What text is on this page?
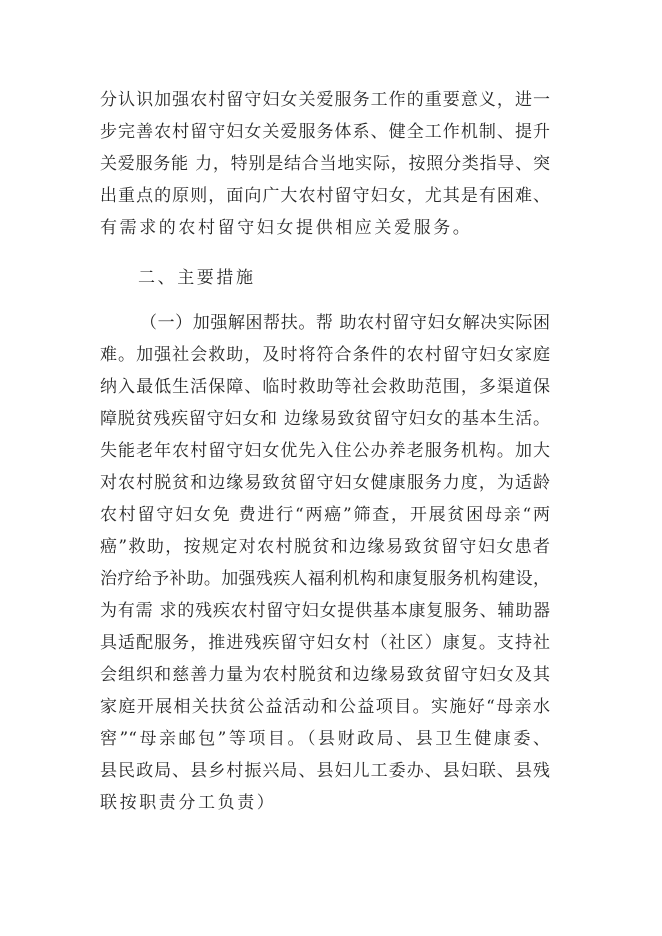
分认识加强农村留守妇女关爱服务工作的重要意义，进一
步完善农村留守妇女关爱服务体系、健全工作机制、提升
关爱服务能 力，特别是结合当地实际，按照分类指导、突
出重点的原则，面向广大农村留守妇女，尤其是有困难、
有需求的农村留守妇女提供相应关爱服务。
二、主要措施
（一）加强解困帮扶。帮 助农村留守妇女解决实际困
难。加强社会救助，及时将符合条件的农村留守妇女家庭
纳入最低生活保障、临时救助等社会救助范围，多渠道保
障脱贫残疾留守妇女和 边缘易致贫留守妇女的基本生活。
失能老年农村留守妇女优先入住公办养老服务机构。加大
对农村脱贫和边缘易致贫留守妇女健康服务力度，为适龄
农村留守妇女免 费进行“两癌”筛查，开展贫困母亲“两
癌”救助，按规定对农村脱贫和边缘易致贫留守妇女患者
治疗给予补助。加强残疾人福利机构和康复服务机构建设，
为有需 求的残疾农村留守妇女提供基本康复服务、辅助器
具适配服务，推进残疾留守妇女村（社区）康复。支持社
会组织和慈善力量为农村脱贫和边缘易致贫留守妇女及其
家庭开展相关扶贫公益活动和公益项目。实施好“母亲水
窖”“母亲邮包”等项目。（县财政局、县卫生健康委、
县民政局、县乡村振兴局、县妇儿工委办、县妇联、县残
联按职责分工负责）
